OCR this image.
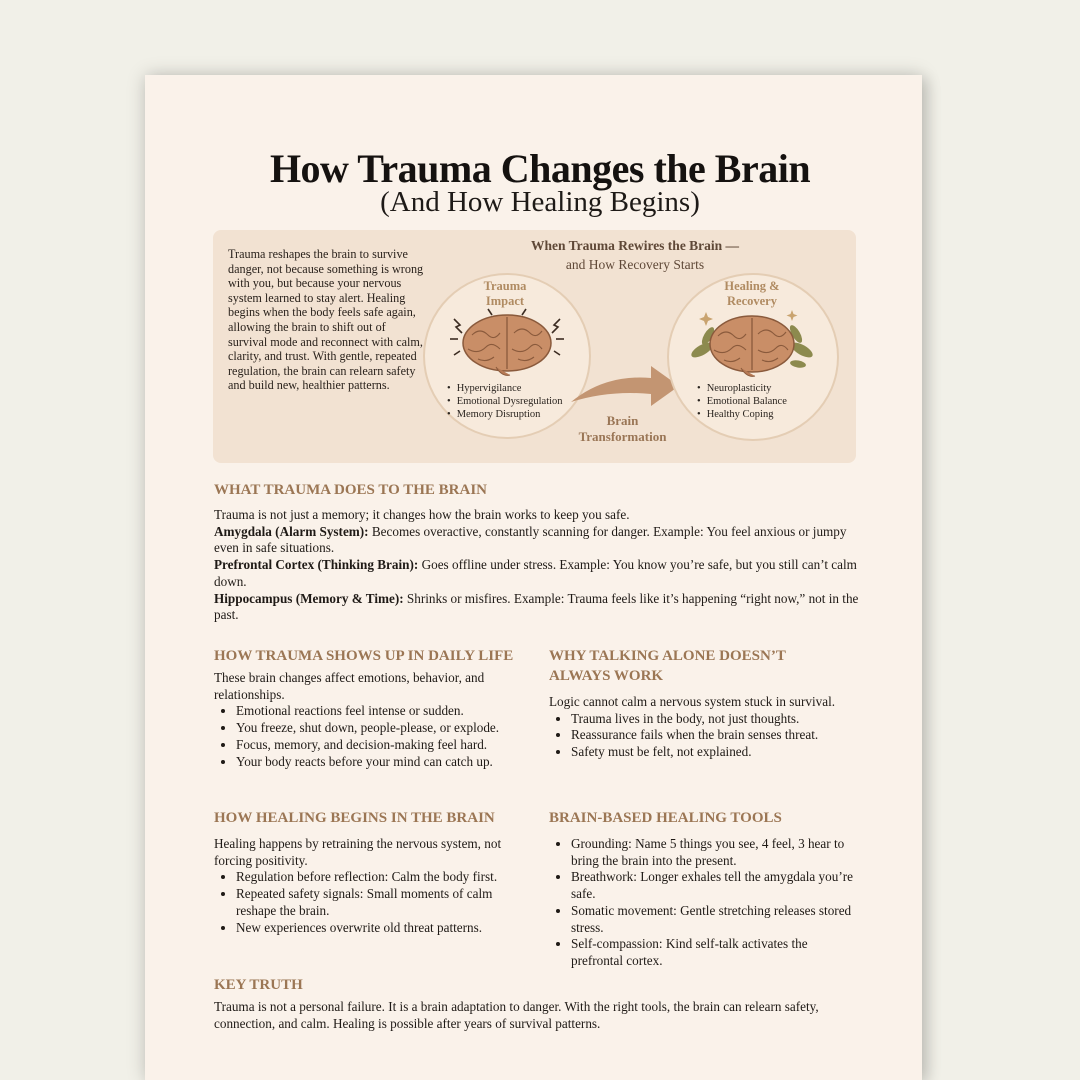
How Trauma Changes the Brain
(And How Healing Begins)
Trauma reshapes the brain to survive danger, not because something is wrong with you, but because your nervous system learned to stay alert. Healing begins when the body feels safe again, allowing the brain to shift out of survival mode and reconnect with calm, clarity, and trust. With gentle, repeated regulation, the brain can relearn safety and build new, healthier patterns.
When Trauma Rewires the Brain —
and How Recovery Starts
Trauma
Impact
• Hypervigilance
• Emotional Dysregulation
• Memory Disruption	Brain
Transformation
Healing &
Recovery
• Neuroplasticity
• Emotional Balance
• Healthy Coping
WHAT TRAUMA DOES TO THE BRAIN

Trauma is not just a memory; it changes how the brain works to keep you safe.

Amygdala (Alarm System): Becomes overactive, constantly scanning for danger. Example: You feel anxious or jumpy even in safe situations.

Prefrontal Cortex (Thinking Brain): Goes offline under stress. Example: You know you’re safe, but you still can’t calm down.

Hippocampus (Memory & Time): Shrinks or misfires. Example: Trauma feels like it’s happening “right now,” not in the past.

HOW TRAUMA SHOWS UP IN DAILY LIFE

These brain changes affect emotions, behavior, and relationships.

• Emotional reactions feel intense or sudden.
• You freeze, shut down, people-please, or explode.
• Focus, memory, and decision-making feel hard.
• Your body reacts before your mind can catch up.
WHY TALKING ALONE DOESN’T
ALWAYS WORK

Logic cannot calm a nervous system stuck in survival.

• Trauma lives in the body, not just thoughts.
• Reassurance fails when the brain senses threat.
• Safety must be felt, not explained.
HOW HEALING BEGINS IN THE BRAIN

Healing happens by retraining the nervous system, not forcing positivity.

• Regulation before reflection: Calm the body first.
• Repeated safety signals: Small moments of calm reshape the brain.
• New experiences overwrite old threat patterns.
BRAIN-BASED HEALING TOOLS
• Grounding: Name 5 things you see, 4 feel, 3 hear to bring the brain into the present.
• Breathwork: Longer exhales tell the amygdala you’re safe.
• Somatic movement: Gentle stretching releases stored stress.
• Self-compassion: Kind self-talk activates the prefrontal cortex.
KEY TRUTH
Trauma is not a personal failure. It is a brain adaptation to danger. With the right tools, the brain can relearn safety, connection, and calm. Healing is possible after years of survival patterns.
